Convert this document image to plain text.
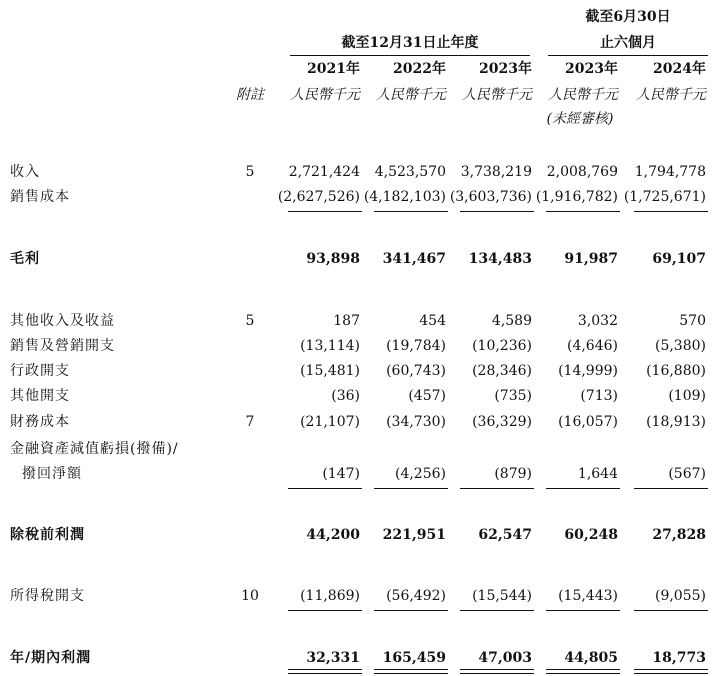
截至6月30日
截至12月31日止年度	止六個月
2021年 2022年 2023年 2023年	2024年
附註	人民幣千元 人民幣千元 人民幣千元 人民幣千元 人民幣千元
(未經審核)
收入	5	2,721,424 4,523,570 3,738,219 2,008,769 1,794,778
銷售成本	(2,627,526) (4,182,103) (3,603,736) (1,916,782) (1,725,671)
毛利	93,898 341,467 134,483 91,987 69,107
其他收入及收益	5	187	454	4,589	3,032	570
銷售及營銷開支	(13,114) (19,784) (10,236) (4,646)	(5,380)
行政開支	(15,481) (60,743) (28,346) (14,999) (16,880)
其他開支	(36)	(457)	(735)	(713)	(109)
財務成本	7	(21,107) (34,730) (36,329) (16,057) (18,913)
金融資產減值虧損(撥備)/
撥回淨額	(147) (4,256)	(879)	1,644	(567)
除稅前利潤	44,200 221,951 62,547 60,248 27,828
所得稅開支	10	(11,869) (56,492) (15,544) (15,443)	(9,055)
年/期內利潤	32,331 165,459 47,003 44,805 18,773
